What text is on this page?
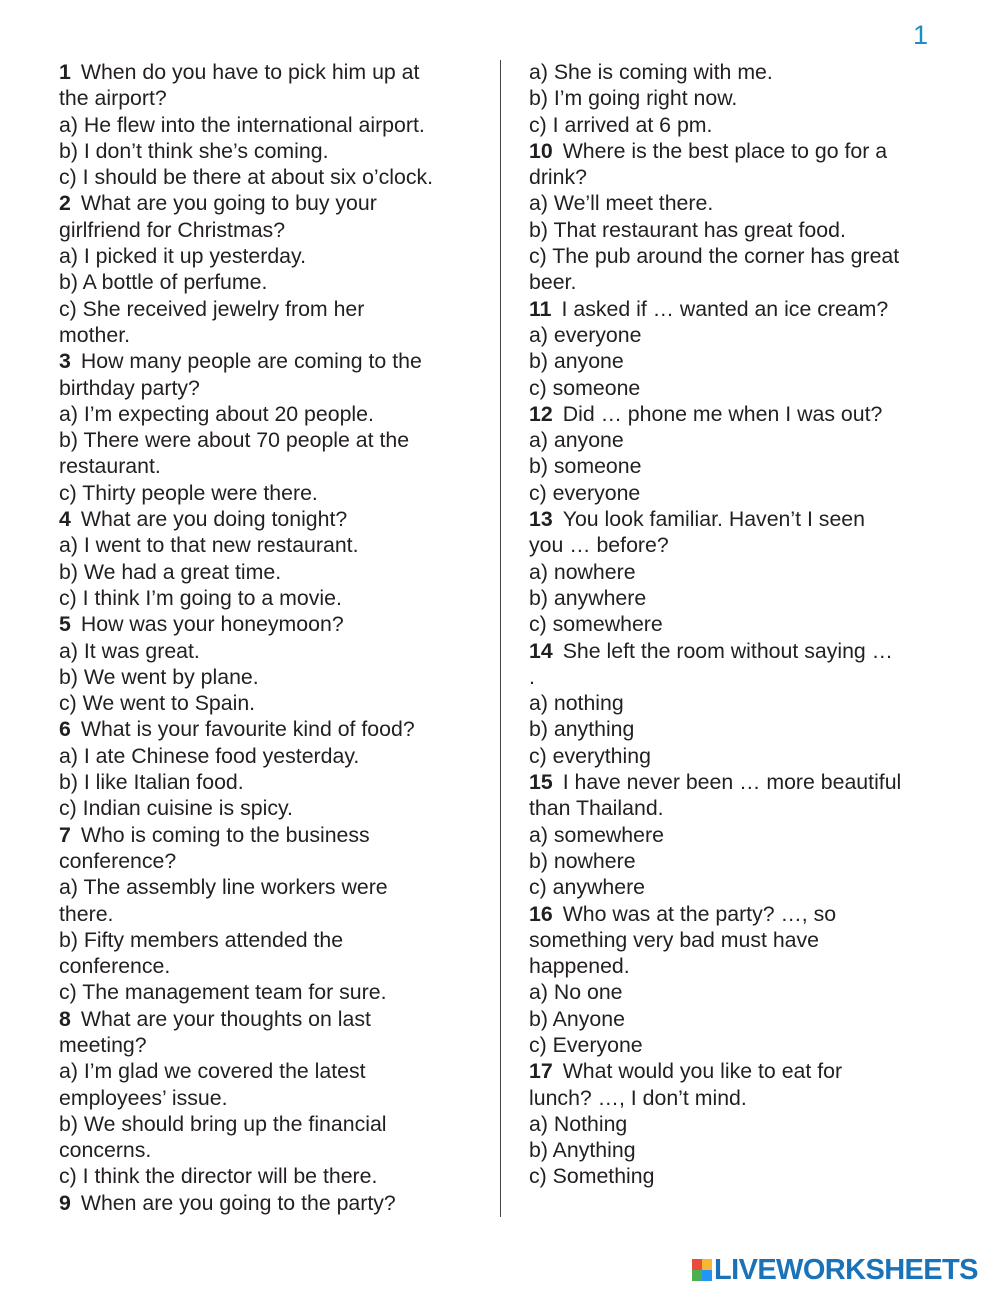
1
1 When do you have to pick him up at
the airport?
a) He flew into the international airport.
b) I don’t think she’s coming.
c) I should be there at about six o’clock.
2 What are you going to buy your
girlfriend for Christmas?
a) I picked it up yesterday.
b) A bottle of perfume.
c) She received jewelry from her
mother.
3 How many people are coming to the
birthday party?
a) I’m expecting about 20 people.
b) There were about 70 people at the
restaurant.
c) Thirty people were there.
4 What are you doing tonight?
a) I went to that new restaurant.
b) We had a great time.
c) I think I’m going to a movie.
5 How was your honeymoon?
a) It was great.
b) We went by plane.
c) We went to Spain.
6 What is your favourite kind of food?
a) I ate Chinese food yesterday.
b) I like Italian food.
c) Indian cuisine is spicy.
7 Who is coming to the business
conference?
a) The assembly line workers were
there.
b) Fifty members attended the
conference.
c) The management team for sure.
8 What are your thoughts on last
meeting?
a) I’m glad we covered the latest
employees’ issue.
b) We should bring up the financial
concerns.
c) I think the director will be there.
9 When are you going to the party?
a) She is coming with me.
b) I’m going right now.
c) I arrived at 6 pm.
10 Where is the best place to go for a
drink?
a) We’ll meet there.
b) That restaurant has great food.
c) The pub around the corner has great
beer.
11 I asked if … wanted an ice cream?
a) everyone
b) anyone
c) someone
12 Did … phone me when I was out?
a) anyone
b) someone
c) everyone
13 You look familiar. Haven’t I seen
you … before?
a) nowhere
b) anywhere
c) somewhere
14 She left the room without saying …
.
a) nothing
b) anything
c) everything
15 I have never been … more beautiful
than Thailand.
a) somewhere
b) nowhere
c) anywhere
16 Who was at the party? …, so
something very bad must have
happened.
a) No one
b) Anyone
c) Everyone
17 What would you like to eat for
lunch? …, I don’t mind.
a) Nothing
b) Anything
c) Something
LIVEWORKSHEETS
